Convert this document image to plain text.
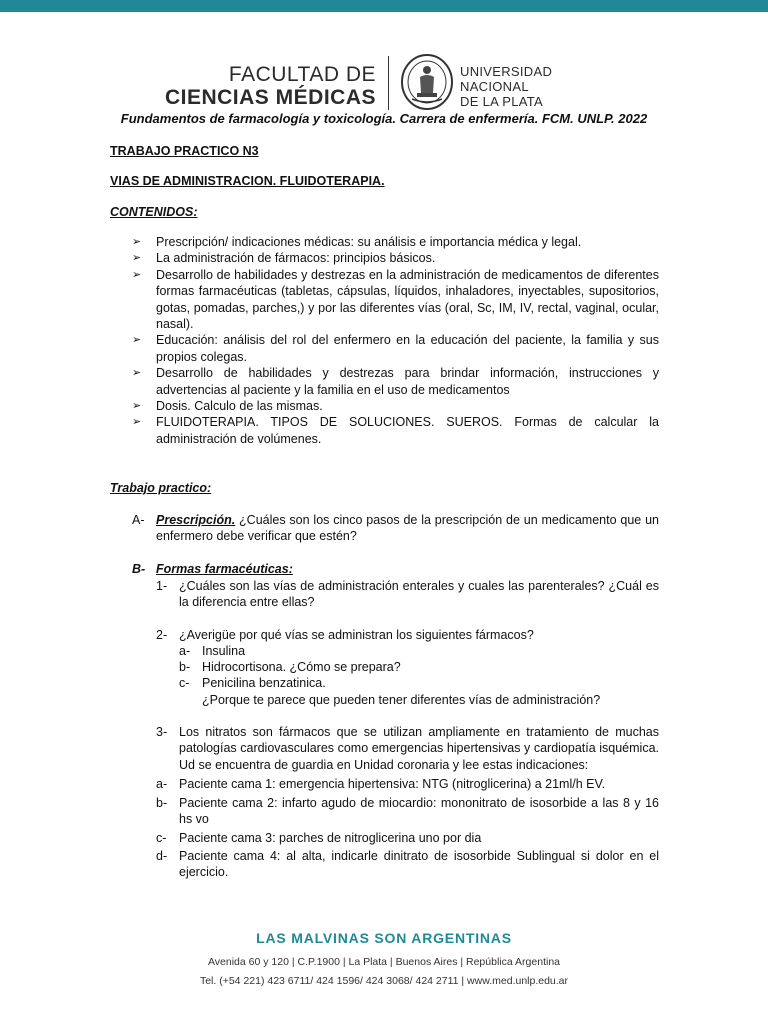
FACULTAD DE
CIENCIAS MÉDICAS
UNIVERSIDAD
NACIONAL
DE LA PLATA
Fundamentos de farmacología y toxicología. Carrera de enfermería. FCM. UNLP. 2022
TRABAJO PRACTICO N3
VIAS DE ADMINISTRACION. FLUIDOTERAPIA.
CONTENIDOS:
➢ Prescripción/ indicaciones médicas: su análisis e importancia médica y legal.
➢ La administración de fármacos: principios básicos.
➢ Desarrollo de habilidades y destrezas en la administración de medicamentos de diferentes formas farmacéuticas (tabletas, cápsulas, líquidos, inhaladores, inyectables, supositorios, gotas, pomadas, parches,) y por las diferentes vías (oral, Sc, IM, IV, rectal, vaginal, ocular, nasal).
➢ Educación: análisis del rol del enfermero en la educación del paciente, la familia y sus propios colegas.
➢ Desarrollo de habilidades y destrezas para brindar información, instrucciones y advertencias al paciente y la familia en el uso de medicamentos
➢ Dosis. Calculo de las mismas.
➢ FLUIDOTERAPIA. TIPOS DE SOLUCIONES. SUEROS. Formas de calcular la administración de volúmenes.
Trabajo practico:
A- Prescripción. ¿Cuáles son los cinco pasos de la prescripción de un medicamento que un enfermero debe verificar que estén?
B- Formas farmacéuticas:
1- ¿Cuáles son las vías de administración enterales y cuales las parenterales? ¿Cuál es la diferencia entre ellas?
2- ¿Averigüe por qué vías se administran los siguientes fármacos?
a- Insulina
b- Hidrocortisona. ¿Cómo se prepara?
c- Penicilina benzatinica.
¿Porque te parece que pueden tener diferentes vías de administración?
3- Los nitratos son fármacos que se utilizan ampliamente en tratamiento de muchas patologías cardiovasculares como emergencias hipertensivas y cardiopatía isquémica. Ud se encuentra de guardia en Unidad coronaria y lee estas indicaciones:
a- Paciente cama 1: emergencia hipertensiva: NTG (nitroglicerina) a 21ml/h EV.
b- Paciente cama 2: infarto agudo de miocardio: mononitrato de isosorbide a las 8 y 16 hs vo
c- Paciente cama 3: parches de nitroglicerina uno por dia
d- Paciente cama 4: al alta, indicarle dinitrato de isosorbide Sublingual si dolor en el ejercicio.
LAS MALVINAS SON ARGENTINAS
Avenida 60 y 120 | C.P.1900 | La Plata | Buenos Aires | República Argentina
Tel. (+54 221) 423 6711/ 424 1596/ 424 3068/ 424 2711 | www.med.unlp.edu.ar
